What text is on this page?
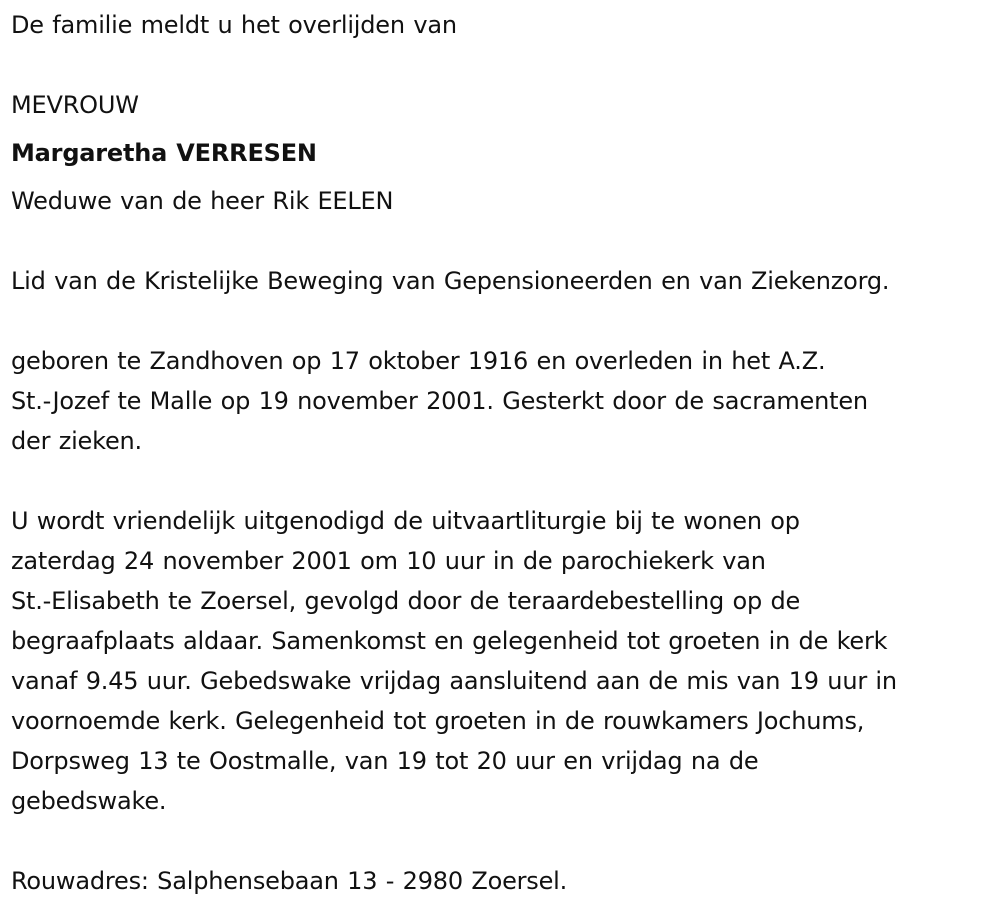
De familie meldt u het overlijden van
MEVROUW
Margaretha VERRESEN
Weduwe van de heer Rik EELEN
Lid van de Kristelijke Beweging van Gepensioneerden en van Ziekenzorg.
geboren te Zandhoven op 17 oktober 1916 en overleden in het A.Z.
St.-Jozef te Malle op 19 november 2001. Gesterkt door de sacramenten
der zieken.
U wordt vriendelijk uitgenodigd de uitvaartliturgie bij te wonen op
zaterdag 24 november 2001 om 10 uur in de parochiekerk van
St.-Elisabeth te Zoersel, gevolgd door de teraardebestelling op de
begraafplaats aldaar. Samenkomst en gelegenheid tot groeten in de kerk
vanaf 9.45 uur. Gebedswake vrijdag aansluitend aan de mis van 19 uur in
voornoemde kerk. Gelegenheid tot groeten in de rouwkamers Jochums,
Dorpsweg 13 te Oostmalle, van 19 tot 20 uur en vrijdag na de
gebedswake.
Rouwadres: Salphensebaan 13 - 2980 Zoersel.
